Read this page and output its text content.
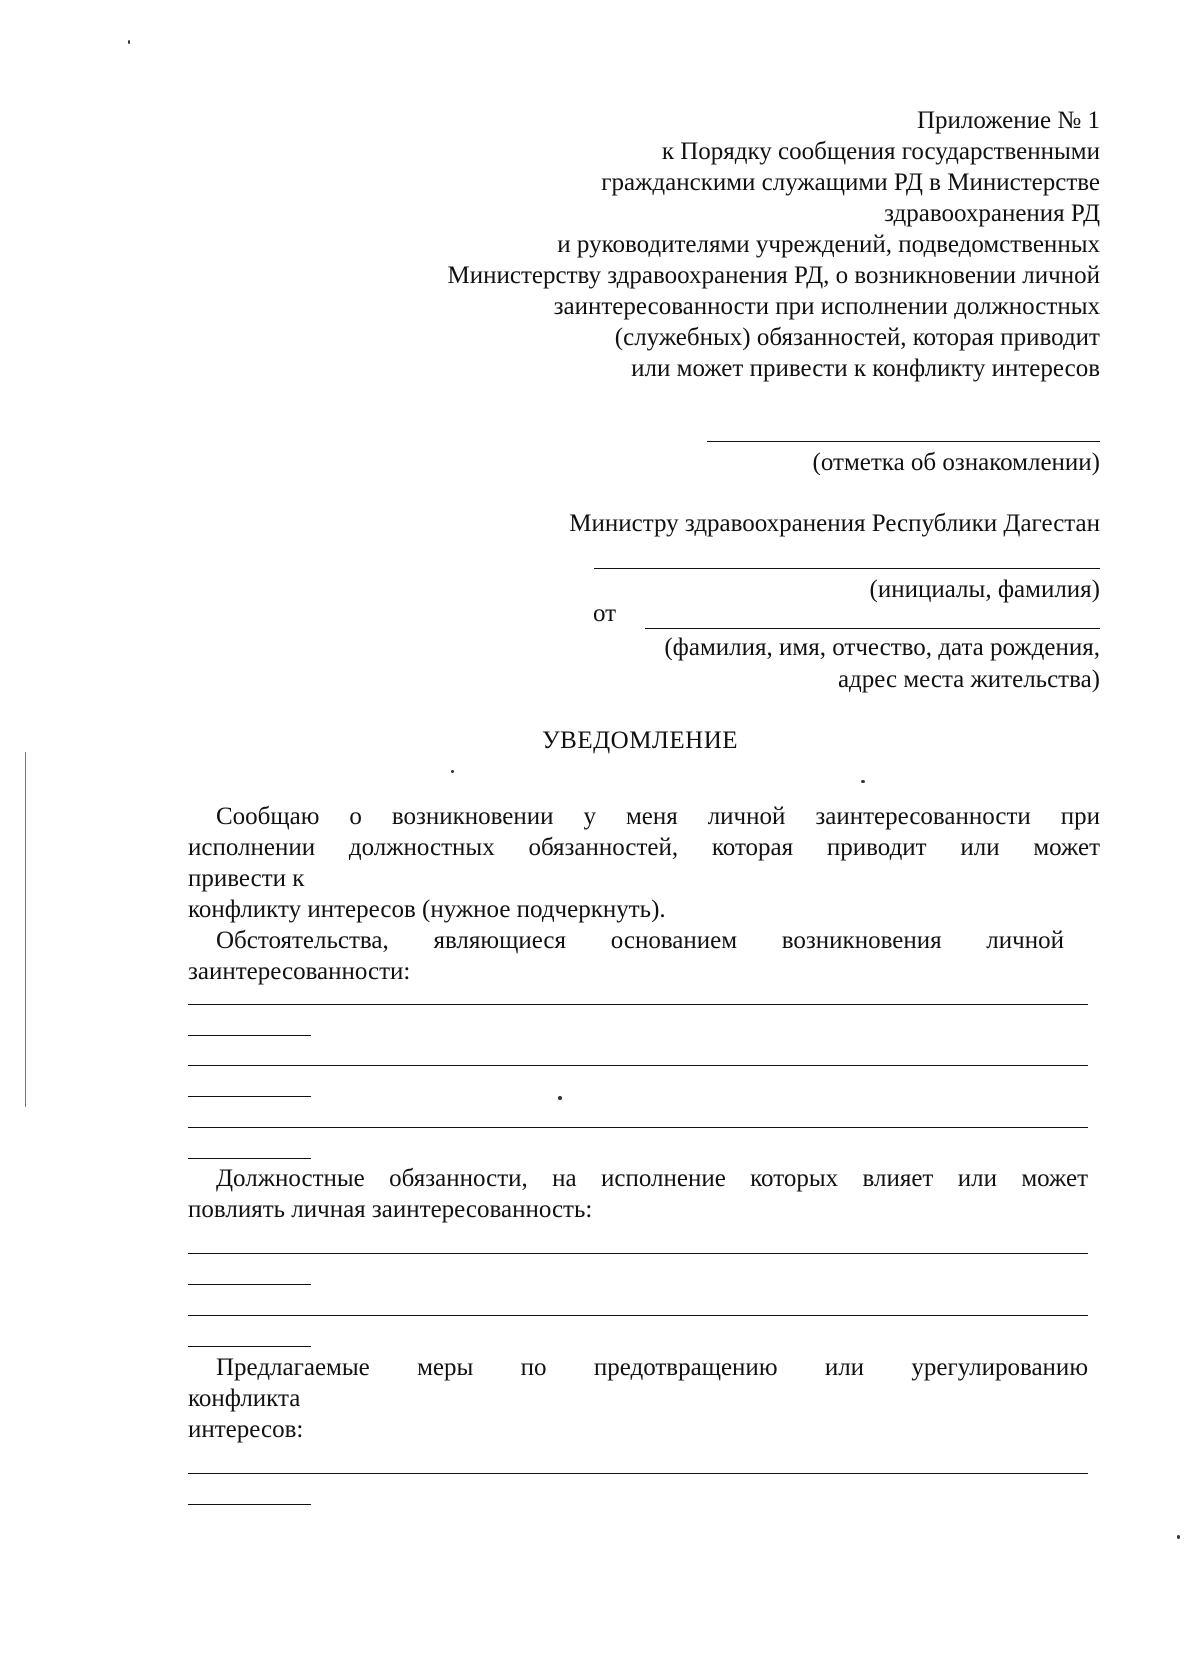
Приложение № 1
к Порядку сообщения государственными
гражданскими служащими РД в Министерстве
здравоохранения РД
и руководителями учреждений, подведомственных
Министерству здравоохранения РД, о возникновении личной
заинтересованности при исполнении должностных
(служебных) обязанностей, которая приводит
или может привести к конфликту интересов
(отметка об ознакомлении)
Министру здравоохранения Республики Дагестан
(инициалы, фамилия)
от
(фамилия, имя, отчество, дата рождения,
адрес места жительства)
УВЕДОМЛЕНИЕ
Сообщаю о возникновении у меня личной заинтересованности при
исполнении должностных обязанностей, которая приводит или может
привести к
конфликту интересов (нужное подчеркнуть).
Обстоятельства, являющиеся основанием возникновения личной
заинтересованности:
Должностные обязанности, на исполнение которых влияет или может
повлиять личная заинтересованность:
Предлагаемые меры по предотвращению или урегулированию
конфликта
интересов:
